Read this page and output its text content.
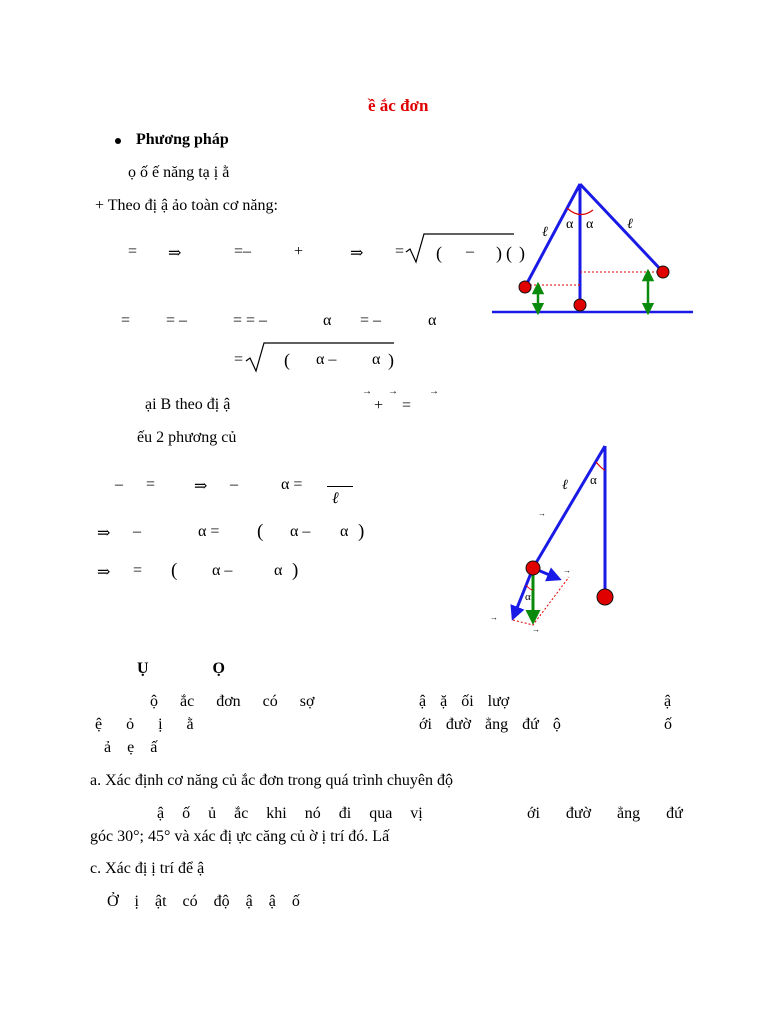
ề ắc đơn
Phương pháp
ọ ố ế năng tạ ị ằ
+ Theo đị ậ ảo toàn cơ năng:
= ⇒	=–	+	⇒ = ( – ) ( )
= = –	= = –	α = –	α
= ( α – α )
ại B theo đị ậ
→
+
→
=
→
ếu 2 phương củ
– = ⇒ –	α =
ℓ
⇒ –	α = ( α – α )
⇒ = ( α –	α )
Ụ Ọ
ộ ắc đơn có sợ	ậ ặ ối lượ	ậ
ệ ỏ ị ằ	ới đườ ẳng đứ ộ	ố
ả ẹ ấ
a. Xác định cơ năng củ ắc đơn trong quá trình chuyên độ
ậ ố ủ ắc khi nó đi qua vị	ới đườ ẳng đứ
góc 30°; 45° và xác đị ực căng củ ờ ị trí đó. Lấ
c. Xác đị ị trí để ậ
Ở ị ật có độ ậ ậ ố
ℓ
α α ℓ
ℓ α
α
→
→
→
→
